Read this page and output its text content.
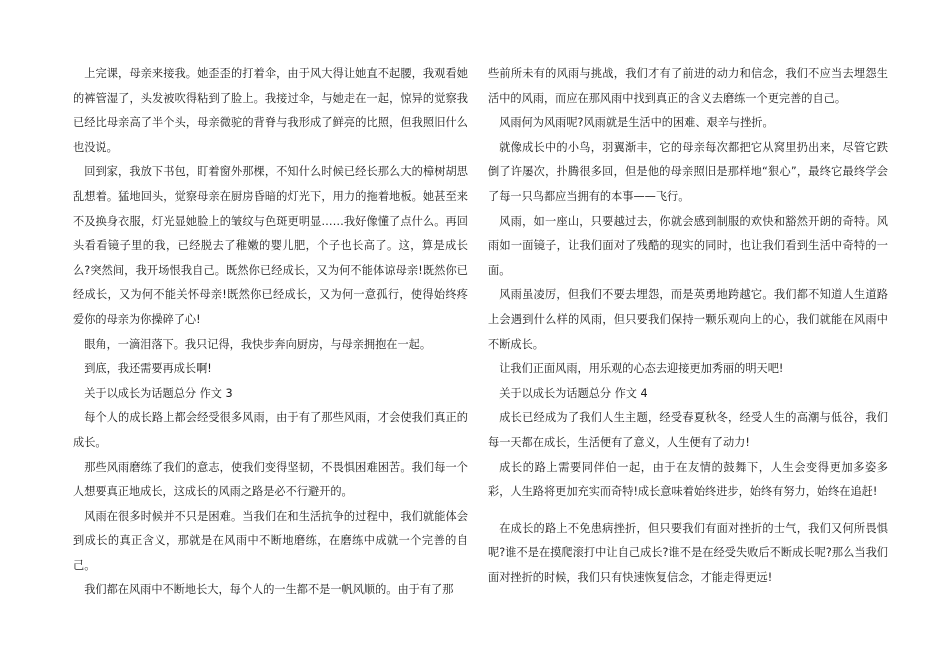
上完课，母亲来接我。她歪歪的打着伞，由于风大得让她直不起腰，我观看她的裤管湿了，头发被吹得粘到了脸上。我接过伞，与她走在一起，惊异的觉察我已经比母亲高了半个头，母亲微驼的背脊与我形成了鲜亮的比照，但我照旧什么也没说。

回到家，我放下书包，盯着窗外那棵，不知什么时候已经长那么大的樟树胡思乱想着。猛地回头，觉察母亲在厨房昏暗的灯光下，用力的拖着地板。她甚至来不及换身衣服，灯光显她脸上的皱纹与色斑更明显……我好像懂了点什么。再回头看看镜子里的我，已经脱去了稚嫩的婴儿肥，个子也长高了。这，算是成长么?突然间，我开场恨我自己。既然你已经成长，又为何不能体谅母亲!既然你已经成长，又为何不能关怀母亲!既然你已经成长，又为何一意孤行，使得始终疼爱你的母亲为你操碎了心!

眼角，一滴泪落下。我只记得，我快步奔向厨房，与母亲拥抱在一起。

到底，我还需要再成长啊!

关于以成长为话题总分 作文 3

每个人的成长路上都会经受很多风雨，由于有了那些风雨，才会使我们真正的成长。

那些风雨磨练了我们的意志，使我们变得坚韧，不畏惧困难困苦。我们每一个人想要真正地成长，这成长的风雨之路是必不行避开的。

风雨在很多时候并不只是困难。当我们在和生活抗争的过程中，我们就能体会到成长的真正含义，那就是在风雨中不断地磨练，在磨练中成就一个完善的自己。

我们都在风雨中不断地长大，每个人的一生都不是一帆风顺的。由于有了那

些前所未有的风雨与挑战，我们才有了前进的动力和信念，我们不应当去埋怨生活中的风雨，而应在那风雨中找到真正的含义去磨练一个更完善的自己。

风雨何为风雨呢?风雨就是生活中的困难、艰辛与挫折。

就像成长中的小鸟，羽翼渐丰，它的母亲每次都把它从窝里扔出来，尽管它跌倒了许屡次，扑腾很多回，但是他的母亲照旧是那样地“狠心”，最终它最终学会了每一只鸟都应当拥有的本事——飞行。

风雨，如一座山，只要越过去，你就会感到制服的欢快和豁然开朗的奇特。风雨如一面镜子，让我们面对了残酷的现实的同时，也让我们看到生活中奇特的一面。

风雨虽凌厉，但我们不要去埋怨，而是英勇地跨越它。我们都不知道人生道路上会遇到什么样的风雨，但只要我们保持一颗乐观向上的心，我们就能在风雨中不断成长。

让我们正面风雨，用乐观的心态去迎接更加秀丽的明天吧!

关于以成长为话题总分 作文 4

成长已经成为了我们人生主题，经受春夏秋冬，经受人生的高潮与低谷，我们每一天都在成长，生活便有了意义，人生便有了动力!

成长的路上需要同伴伯一起，由于在友情的鼓舞下，人生会变得更加多姿多彩，人生路将更加充实而奇特!成长意味着始终进步，始终有努力，始终在追赶!

在成长的路上不免患病挫折，但只要我们有面对挫折的士气，我们又何所畏惧呢?谁不是在摸爬滚打中让自己成长?谁不是在经受失败后不断成长呢?那么当我们面对挫折的时候，我们只有快速恢复信念，才能走得更远!
